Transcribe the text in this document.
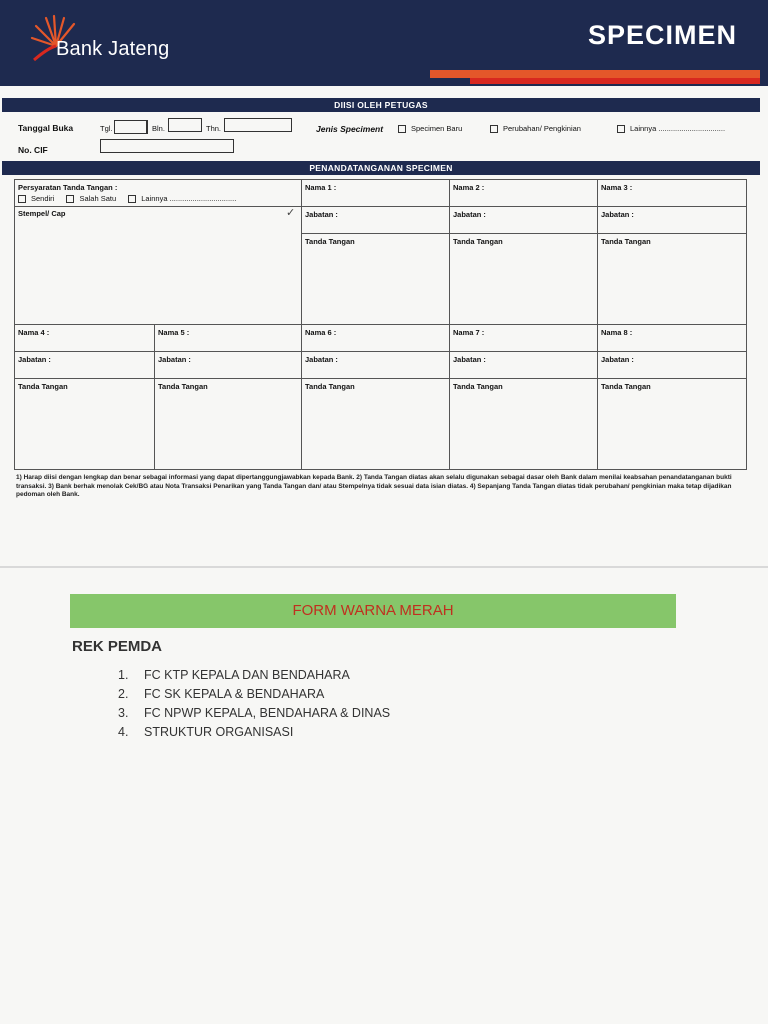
Bank Jateng	SPECIMEN
DIISI OLEH PETUGAS
Tanggal Buka	Tgl.	Bln.	Thn.
No. CIF
Jenis Speciment	Specimen Baru	Perubahan/ Pengkinian	Lainnya ................................
PENANDATANGANAN SPECIMEN
Persyaratan Tanda Tangan :
Sendiri	Salah Satu	Lainnya ................................
Stempel/ Cap	✓
Nama 1 :	Nama 2 :	Nama 3 :
Jabatan :	Jabatan :	Jabatan :
Tanda Tangan	Tanda Tangan	Tanda Tangan
Nama 4 :	Nama 5 :	Nama 6 :	Nama 7 :	Nama 8 :
Jabatan :	Jabatan :	Jabatan :	Jabatan :	Jabatan :
Tanda Tangan	Tanda Tangan	Tanda Tangan	Tanda Tangan	Tanda Tangan
1) Harap diisi dengan lengkap dan benar sebagai informasi yang dapat dipertanggungjawabkan kepada Bank. 2) Tanda Tangan diatas akan selalu digunakan sebagai dasar oleh Bank dalam menilai keabsahan penandatanganan bukti transaksi. 3) Bank berhak menolak Cek/BG atau Nota Transaksi Penarikan yang Tanda Tangan dan/ atau Stempelnya tidak sesuai data isian diatas. 4) Sepanjang Tanda Tangan diatas tidak perubahan/ pengkinian maka tetap dijadikan pedoman oleh Bank.
FORM WARNA MERAH
REK PEMDA
1. FC KTP KEPALA DAN BENDAHARA
2. FC SK KEPALA & BENDAHARA
3. FC NPWP KEPALA, BENDAHARA & DINAS
4. STRUKTUR ORGANISASI
